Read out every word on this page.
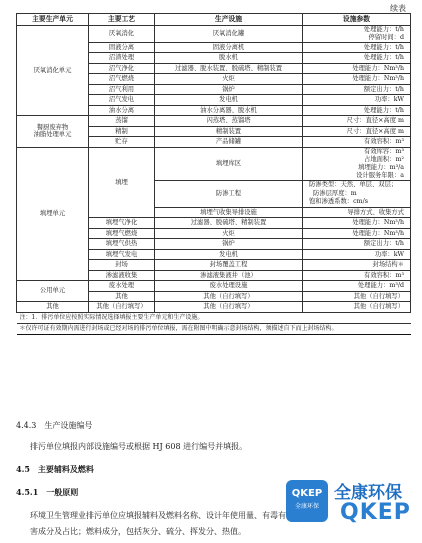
续表
主要生产单元	主要工艺	生产设施	设施参数
厌氧消化单元	厌氧消化	厌氧消化罐	处理能力：t/h
停留时间：d
	固液分离	固液分离机	处理能力：t/h
	沼渣处理	脱水机	处理能力：t/h
	沼气净化	过滤器、脱水装置、脱硫塔、精制装置	处理能力：Nm³/h
	沼气燃烧	火炬	处理能力：Nm³/h
	沼气利用	锅炉	额定出力：t/h
	沼气发电	发电机	功率：kW
	油水分离	油水分离器、脱水机	处理能力：t/h
餐厨废弃物
油脂处理单元	蒸馏	闪蒸塔、蒸馏塔	尺寸：直径×高度 m
	精制	精制装置	尺寸：直径×高度 m
	贮存	产品储罐	有效容积：m³
填埋单元	填埋	填埋库区	有效库容：m³
占地面积：m²
填埋能力：m³/a
设计服务年限：a
		防渗工程	防渗类型：天然、单层、双层；
防渗层厚度：m
饱和渗透系数：cm/s
		填埋气收集导排设施	导排方式、收集方式
	填埋气净化	过滤器、脱硫塔、精制装置	处理能力：Nm³/h
	填埋气燃烧	火炬	处理能力：Nm³/h
	填埋气供热	锅炉	额定出力：t/h
	填埋气发电	发电机	功率：kW
	封场	封场覆盖工程	封场结构＊
	渗滤液收集	渗滤液集液井（池）	有效容积：m³
公用单元	废水处理	废水处理设施	处理能力：m³/d
	其他	其他（自行填写）	其他（自行填写）
其他	其他（自行填写）	其他（自行填写）	其他（自行填写）
注：1．排污单位应按照实际情况选择填报主要生产单元和生产设施。			
＊仅许可证有效期内需进行封场或已经对场的排污单位填报，需在附图中明确示意封场结构，须描述自下而上封场结构。			
4.4.3　生产设施编号
排污单位填报内部设施编号或根据 HJ 608 进行编号并填报。
4.5　主要辅料及燃料
4.5.1　一般原则
环境卫生管理业排污单位应填报辅料及燃料名称、设计年使用量、有毒有害成分及占比；燃料成分，包括灰分、硫分、挥发分、热值。
QKEP
全康环保
全康环保
QKEP
